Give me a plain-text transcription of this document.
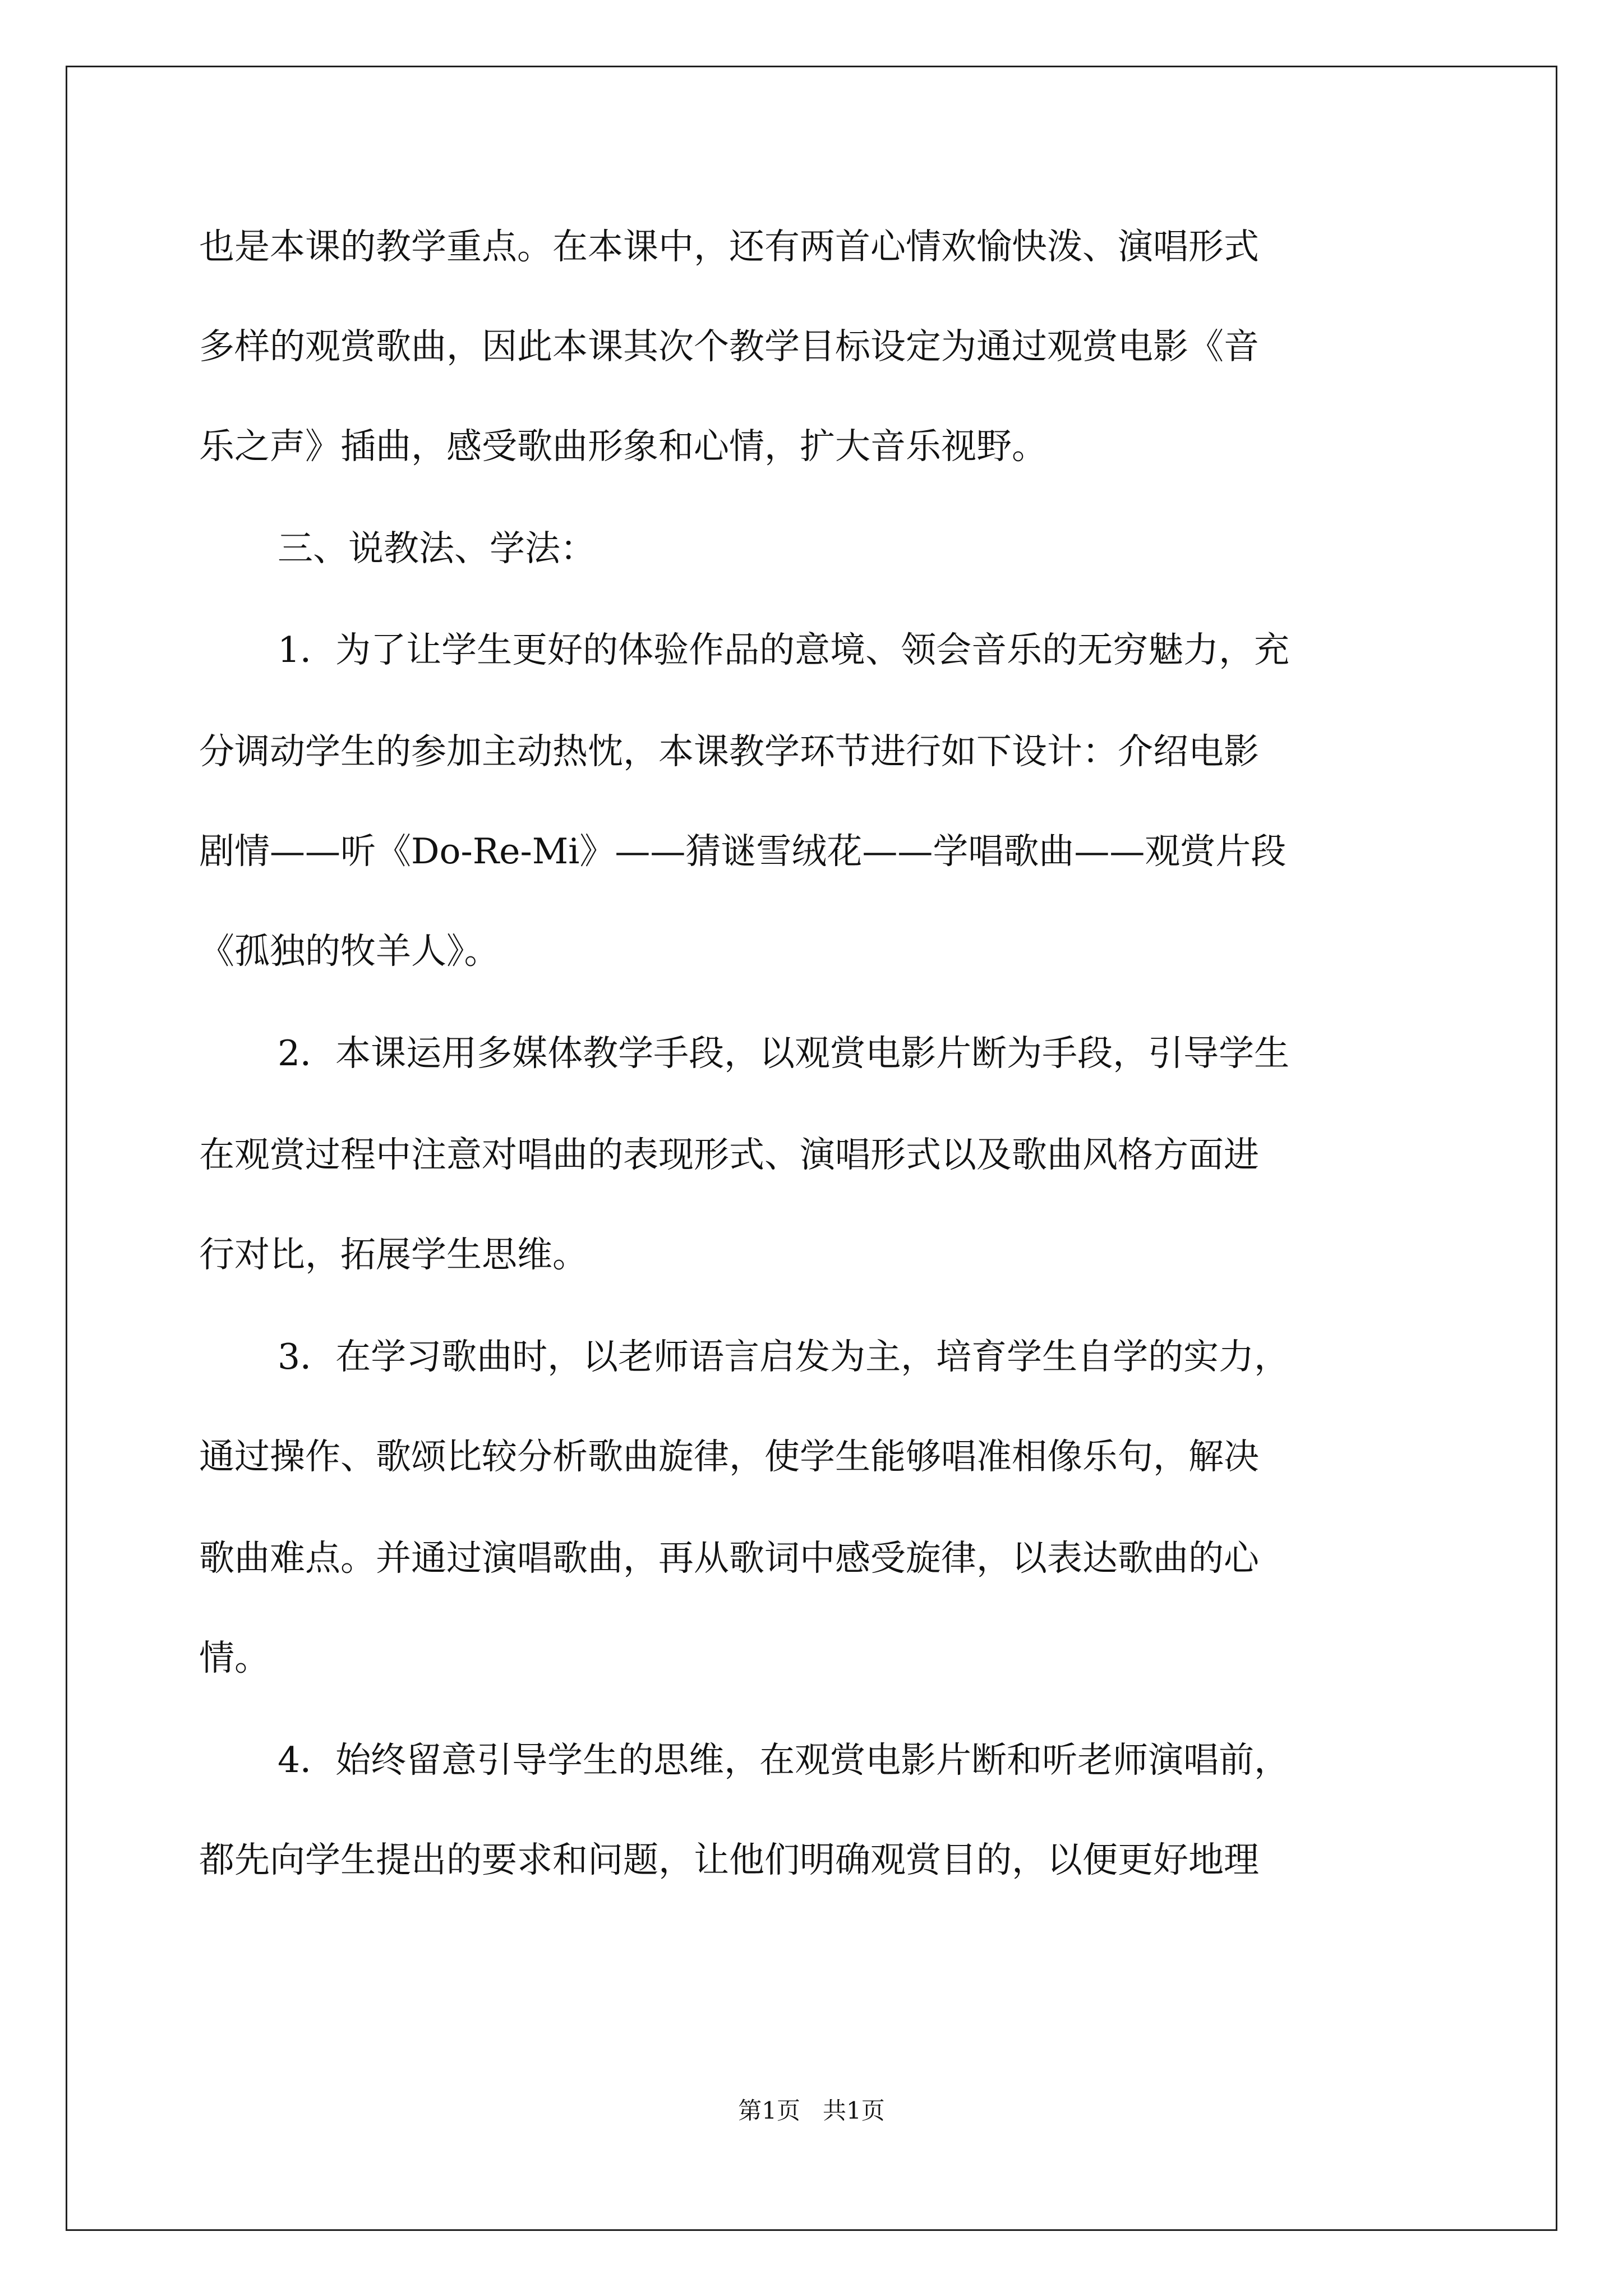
也是本课的教学重点。在本课中，还有两首心情欢愉快泼、演唱形式
多样的观赏歌曲，因此本课其次个教学目标设定为通过观赏电影《音
乐之声》插曲，感受歌曲形象和心情，扩大音乐视野。
三、说教法、学法：
1．为了让学生更好的体验作品的意境、领会音乐的无穷魅力，充
分调动学生的参加主动热忱，本课教学环节进行如下设计：介绍电影
剧情——听《Do-Re-Mi》——猜谜雪绒花——学唱歌曲——观赏片段
《孤独的牧羊人》。
2．本课运用多媒体教学手段，以观赏电影片断为手段，引导学生
在观赏过程中注意对唱曲的表现形式、演唱形式以及歌曲风格方面进
行对比，拓展学生思维。
3．在学习歌曲时，以老师语言启发为主，培育学生自学的实力，
通过操作、歌颂比较分析歌曲旋律，使学生能够唱准相像乐句，解决
歌曲难点。并通过演唱歌曲，再从歌词中感受旋律，以表达歌曲的心
情。
4．始终留意引导学生的思维，在观赏电影片断和听老师演唱前，
都先向学生提出的要求和问题，让他们明确观赏目的，以便更好地理
第1页   共1页
